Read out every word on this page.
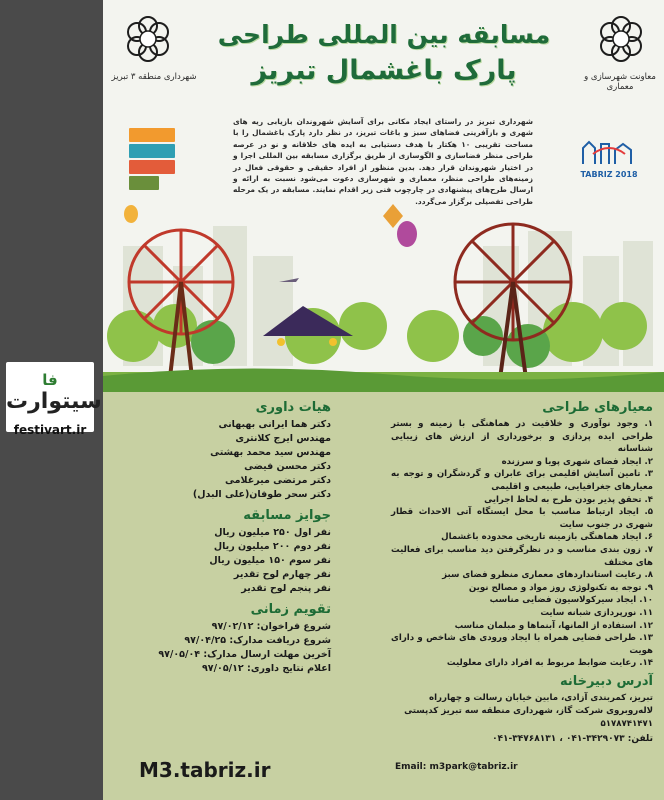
فا
سیتوارت
festivart.ir
شهرداری منطقه ۳ تبریز	معاونت شهرسازی و معماری
مسابقه بین المللی طراحی
پارک باغشمال تبریز
TABRIZ 2018
شهرداری تبریز در راستای ایجاد مکانی برای آسایش شهروندان بازیابی ریه های شهری و بازآفرینی فضاهای سبز و باغات تبریز، در نظر دارد پارک باغشمال را با مساحت تقریبی ۱۰ هکتار با هدف دستیابی به ایده های خلاقانه و نو در عرصه طراحی منظر فضاسازی و الگوسازی از طریق برگزاری مسابقه بین المللی اجرا و در اختیار شهروندان قرار دهد. بدین منظور از افراد حقیقی و حقوقی فعال در زمینه‌های طراحی منظر، معماری و شهرسازی دعوت می‌شود نسبت به ارائه و ارسال طرح‌های پیشنهادی در چارچوب فنی زیر اقدام نمایند. مسابقه در یک مرحله طراحی تفصیلی برگزار می‌گردد.
معیارهای طراحی
۱. وجود نوآوری و خلاقیت در هماهنگی با زمینه و بستر طراحی ایده پردازی و برخورداری از ارزش های زیبایی شناسانه
۲. ایجاد فضای شهری پویا و سرزنده
۳. تامین آسایش اقلیمی برای عابران و گردشگران و توجه به معیارهای جغرافیایی، طبیعی و اقلیمی
۴. تحقق پذیر بودن طرح به لحاظ اجرایی
۵. ایجاد ارتباط مناسب با محل ایستگاه آتی الاحداث قطار شهری در جنوب سایت
۶. ایجاد هماهنگی بازمینه تاریخی محدوده باغشمال
۷. زون بندی مناسب و در نظرگرفتن دید مناسب برای فعالیت های مختلف
۸. رعایت استانداردهای معماری منظرو فضای سبز
۹. توجه به تکنولوژی روز مواد و مصالح نوین
۱۰. ایجاد سیرکولاسیون فضایی مناسب
۱۱. نورپردازی شبانه سایت
۱۲. استفاده از المانها، آبنماها و مبلمان مناسب
۱۳. طراحی فضایی همراه با ایجاد ورودی های شاخص و دارای هویت
۱۴. رعایت ضوابط مربوط به افراد دارای معلولیت
آدرس دبیرخانه
تبریز، کمربندی آزادی، مابین خیابان رسالت و چهارراه لاله‌روبروی شرکت گاز، شهرداری منطقه سه تبریز کدپستی ۵۱۷۸۷۴۱۴۷۱
تلفن: ۳۴۲۹۰۷۳-۰۴۱ ، ۳۴۷۶۸۱۳۱-۰۴۱
Email: m3park@tabriz.ir
هیات داوری
دکتر هما ایرانی بهبهانی
مهندس ایرج کلانتری
مهندس سید محمد بهشتی
دکتر محسن فیضی
دکتر مرتضی میرغلامی
دکتر سحر طوفان(علی البدل)
جوایز مسابقه
نفر اول ۲۵۰ میلیون ریال
نفر دوم ۲۰۰ میلیون ریال
نفر سوم ۱۵۰ میلیون ریال
نفر چهارم لوح تقدیر
نفر پنجم لوح تقدیر
تقویم زمانی
شروع فراخوان: ۹۷/۰۲/۱۲
شروع دریافت مدارک: ۹۷/۰۴/۲۵
آخرین مهلت ارسال مدارک: ۹۷/۰۵/۰۴
اعلام نتایج داوری: ۹۷/۰۵/۱۲
M3.tabriz.ir
